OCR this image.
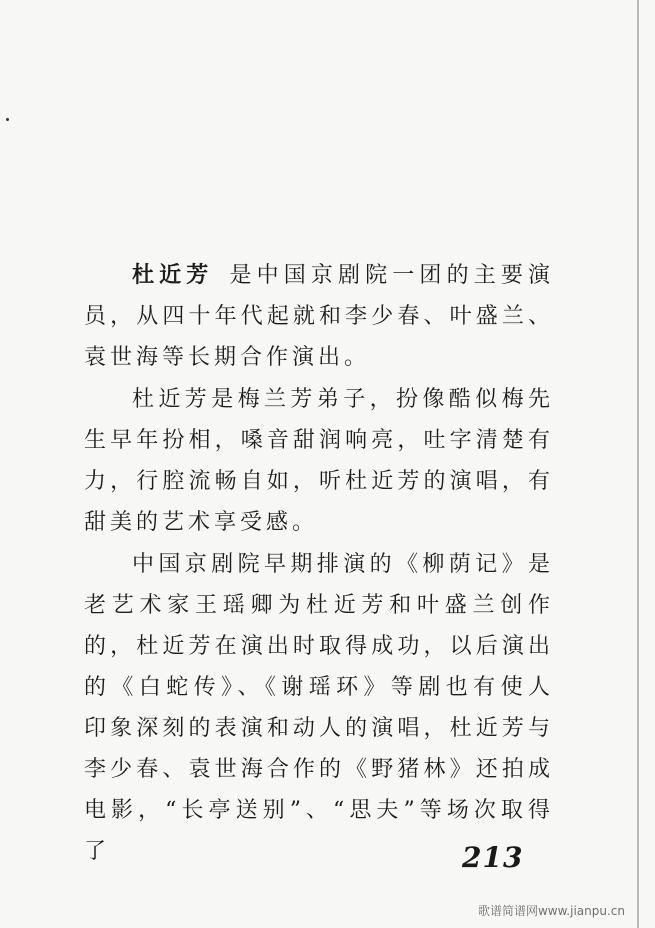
杜近芳 是中国京剧院一团的主要演员，从四十年代起就和李少春、叶盛兰、袁世海等长期合作演出。

杜近芳是梅兰芳弟子，扮像酷似梅先生早年扮相，嗓音甜润响亮，吐字清楚有力，行腔流畅自如，听杜近芳的演唱，有甜美的艺术享受感。

中国京剧院早期排演的《柳荫记》是老艺术家王瑶卿为杜近芳和叶盛兰创作的，杜近芳在演出时取得成功，以后演出的《白蛇传》、《谢瑶环》等剧也有使人印象深刻的表演和动人的演唱，杜近芳与李少春、袁世海合作的《野猪林》还拍成电影，“长亭送别”、“思夫”等场次取得了	213
歌谱简谱网www.jianpu.cn
